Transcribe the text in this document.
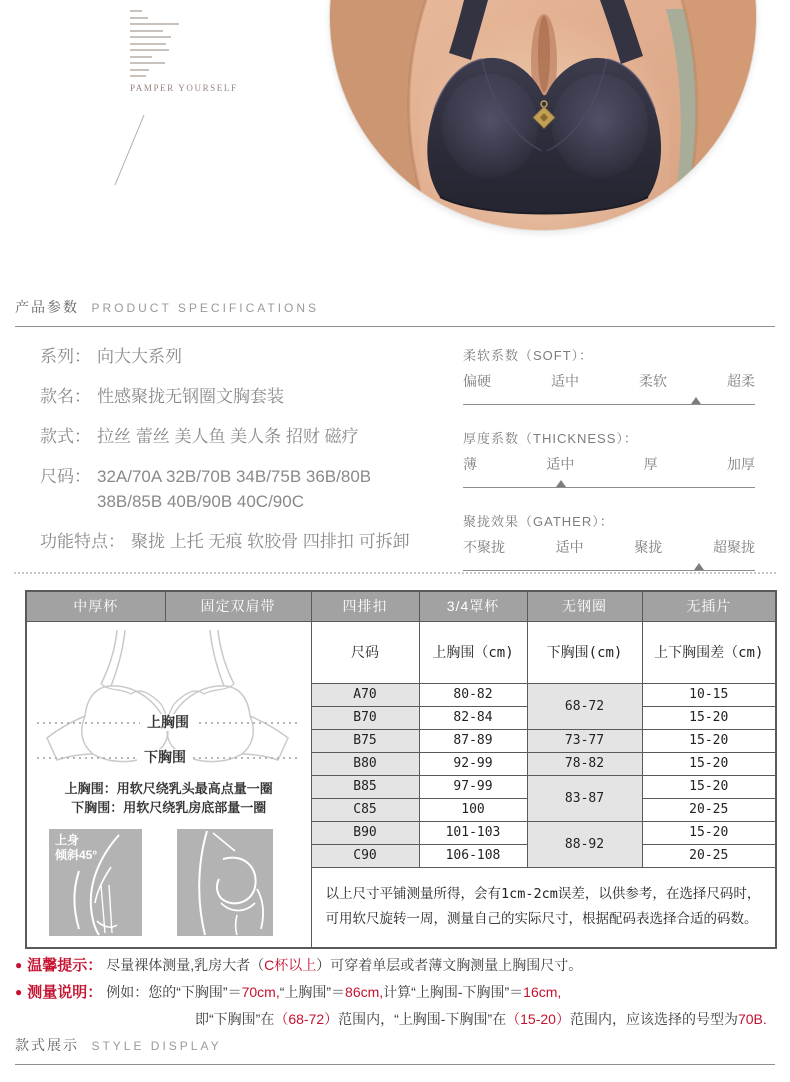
PAMPER YOURSELF
产品参数 PRODUCT SPECIFICATIONS
系列： 向大大系列
款名： 性感聚拢无钢圈文胸套装
款式： 拉丝 蕾丝 美人鱼 美人条 招财 磁疗
尺码： 32A/70A 32B/70B 34B/75B 36B/80B
38B/85B 40B/90B 40C/90C
功能特点： 聚拢 上托 无痕 软胶骨 四排扣 可拆卸
柔软系数（SOFT）：
偏硬	适中	柔软	超柔
厚度系数（THICKNESS）：
薄	适中	厚	加厚
聚拢效果（GATHER）：
不聚拢	适中	聚拢	超聚拢
中厚杯	固定双肩带	四排扣	3/4罩杯	无钢圈	无插片

上胸围
下胸围
上胸围：用软尺绕乳头最高点量一圈
下胸围：用软尺绕乳房底部量一圈
上身
倾斜45°
	尺码	上胸围（cm)	下胸围(cm)	上下胸围差（cm)
		A70	80-82	68-72	10-15
		B70	82-84		15-20
		B75	87-89	73-77	15-20
		B80	92-99	78-82	15-20
		B85	97-99	83-87	15-20
		C85	100		20-25
		B90	101-103	88-92	15-20
		C90	106-108		20-25
		以上尺寸平铺测量所得，会有1cm-2cm误差，以供参考，在选择尺码时，可用软尺旋转一周，测量自己的实际尺寸，根据配码表选择合适的码数。			
● 温馨提示： 尽量裸体测量,乳房大者（C杯以上）可穿着单层或者薄文胸测量上胸围尺寸。
● 测量说明： 例如：您的“下胸围”＝70cm,“上胸围”＝86cm,计算“上胸围-下胸围”＝16cm,
即“下胸围”在（68-72）范围内，“上胸围-下胸围”在（15-20）范围内，应该选择的号型为70B.
款式展示 STYLE DISPLAY
